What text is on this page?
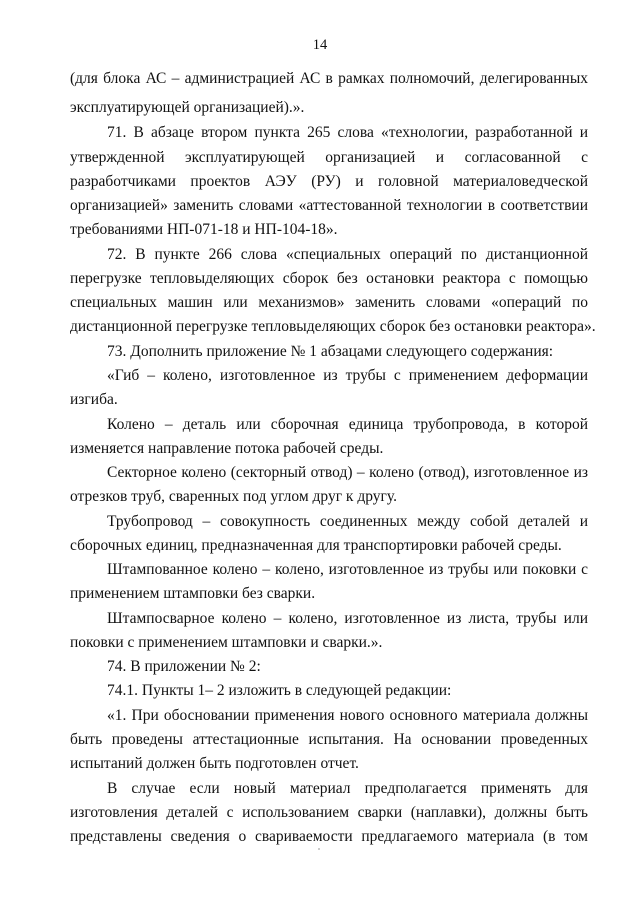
14
(для блока АС – администрацией АС в рамках полномочий, делегированных
эксплуатирующей организацией).».
71. В абзаце втором пункта 265 слова «технологии, разработанной и
утвержденной эксплуатирующей организацией и согласованной с
разработчиками проектов АЭУ (РУ) и головной материаловедческой
организацией» заменить словами «аттестованной технологии в соответствии
требованиями НП-071-18 и НП-104-18».
72. В пункте 266 слова «специальных операций по дистанционной
перегрузке тепловыделяющих сборок без остановки реактора с помощью
специальных машин или механизмов» заменить словами «операций по
дистанционной перегрузке тепловыделяющих сборок без остановки реактора».
73. Дополнить приложение № 1 абзацами следующего содержания:
«Гиб – колено, изготовленное из трубы с применением деформации
изгиба.
Колено – деталь или сборочная единица трубопровода, в которой
изменяется направление потока рабочей среды.
Секторное колено (секторный отвод) – колено (отвод), изготовленное из
отрезков труб, сваренных под углом друг к другу.
Трубопровод – совокупность соединенных между собой деталей и
сборочных единиц, предназначенная для транспортировки рабочей среды.
Штампованное колено – колено, изготовленное из трубы или поковки с
применением штамповки без сварки.
Штампосварное колено – колено, изготовленное из листа, трубы или
поковки с применением штамповки и сварки.».
74. В приложении № 2:
74.1. Пункты 1– 2 изложить в следующей редакции:
«1. При обосновании применения нового основного материала должны
быть проведены аттестационные испытания. На основании проведенных
испытаний должен быть подготовлен отчет.
В случае если новый материал предполагается применять для
изготовления деталей с использованием сварки (наплавки), должны быть
представлены сведения о свариваемости предлагаемого материала (в том
